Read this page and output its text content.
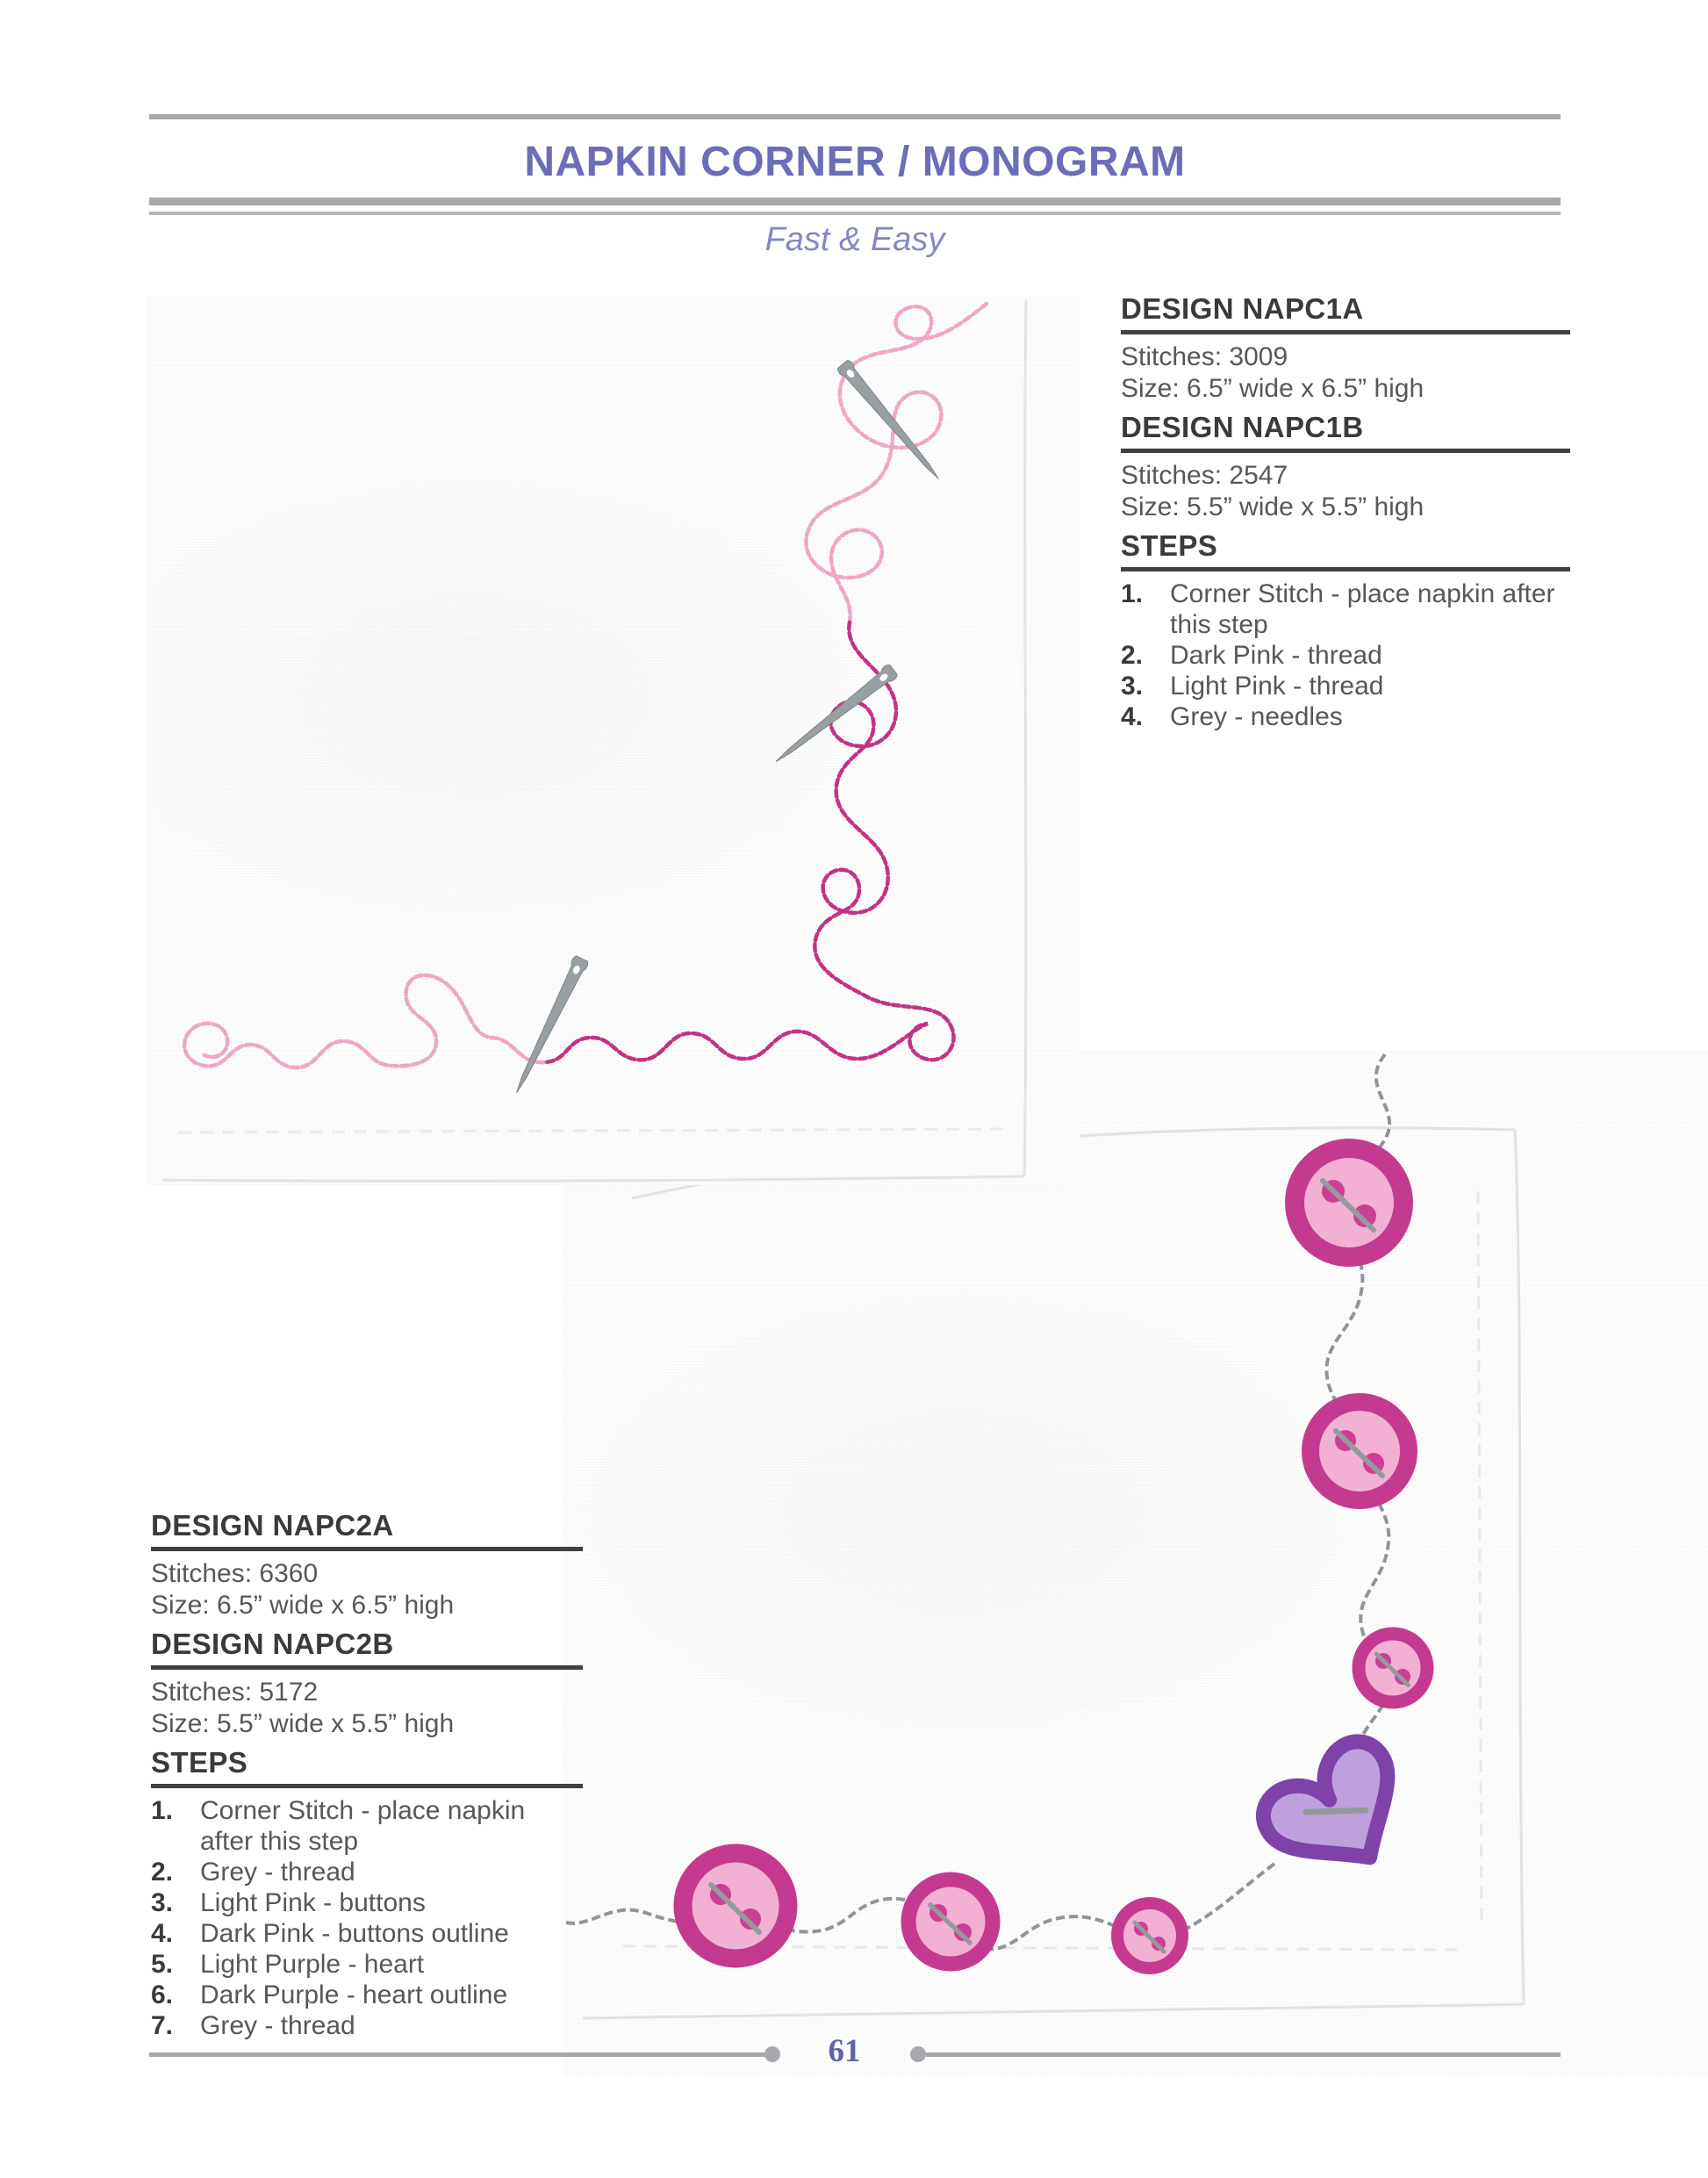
NAPKIN CORNER / MONOGRAM
Fast & Easy
DESIGN NAPC1A

Stitches: 3009

Size: 6.5” wide x 6.5” high

DESIGN NAPC1B

Stitches: 2547

Size: 5.5” wide x 5.5” high

STEPS
1.	Corner Stitch - place napkin after this step
2.	Dark Pink - thread
3.	Light Pink - thread
4.	Grey - needles
DESIGN NAPC2A

Stitches: 6360

Size: 6.5” wide x 6.5” high

DESIGN NAPC2B

Stitches: 5172

Size: 5.5” wide x 5.5” high

STEPS
1.	Corner Stitch - place napkin after this step
2.	Grey - thread
3.	Light Pink - buttons
4.	Dark Pink - buttons outline
5.	Light Purple - heart
6.	Dark Purple - heart outline
7.	Grey - thread
61
